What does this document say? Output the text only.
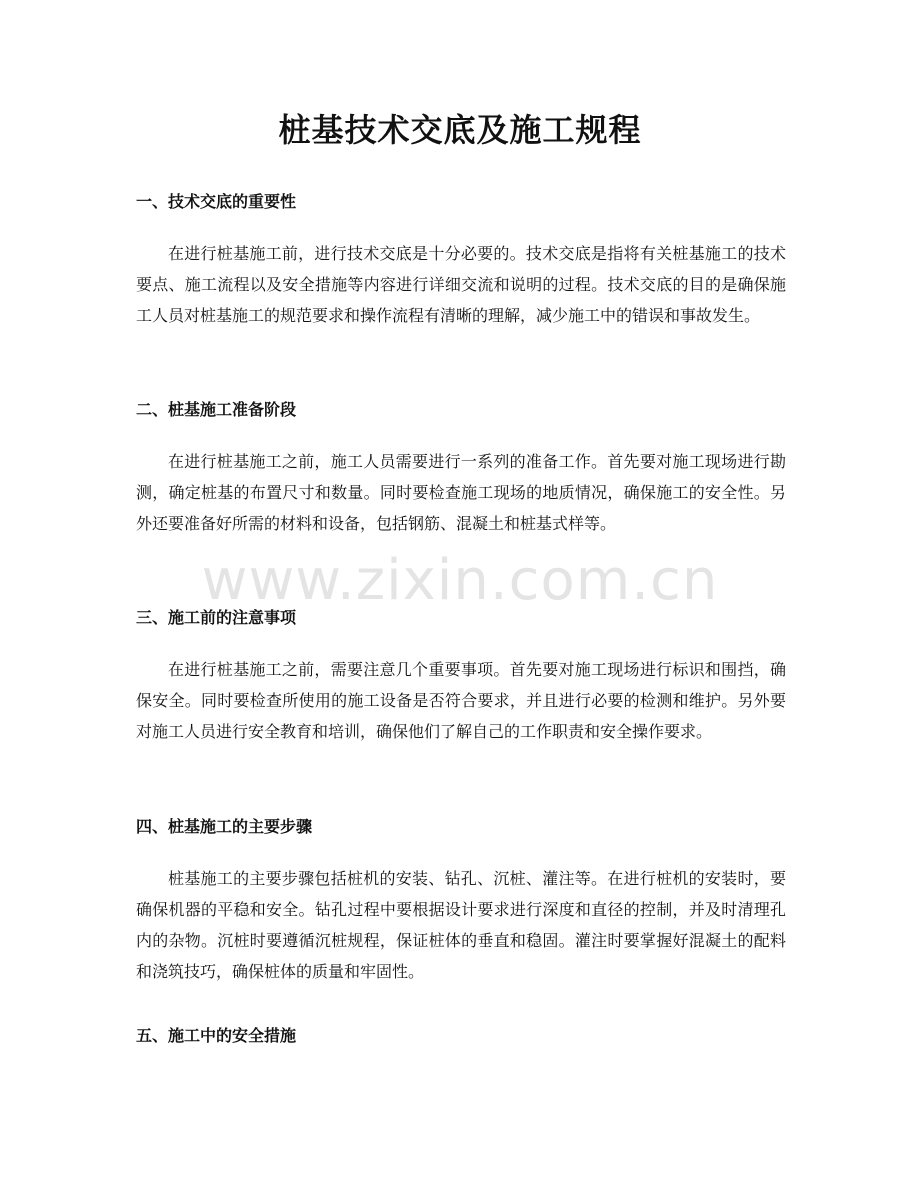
桩基技术交底及施工规程
一、技术交底的重要性

在进行桩基施工前，进行技术交底是十分必要的。技术交底是指将有关桩基施工的技术要点、施工流程以及安全措施等内容进行详细交流和说明的过程。技术交底的目的是确保施工人员对桩基施工的规范要求和操作流程有清晰的理解，减少施工中的错误和事故发生。

二、桩基施工准备阶段

在进行桩基施工之前，施工人员需要进行一系列的准备工作。首先要对施工现场进行勘测，确定桩基的布置尺寸和数量。同时要检查施工现场的地质情况，确保施工的安全性。另外还要准备好所需的材料和设备，包括钢筋、混凝土和桩基式样等。

三、施工前的注意事项

在进行桩基施工之前，需要注意几个重要事项。首先要对施工现场进行标识和围挡，确保安全。同时要检查所使用的施工设备是否符合要求，并且进行必要的检测和维护。另外要对施工人员进行安全教育和培训，确保他们了解自己的工作职责和安全操作要求。

四、桩基施工的主要步骤

桩基施工的主要步骤包括桩机的安装、钻孔、沉桩、灌注等。在进行桩机的安装时，要确保机器的平稳和安全。钻孔过程中要根据设计要求进行深度和直径的控制，并及时清理孔内的杂物。沉桩时要遵循沉桩规程，保证桩体的垂直和稳固。灌注时要掌握好混凝土的配料和浇筑技巧，确保桩体的质量和牢固性。

五、施工中的安全措施
www.zixin.com.cn
